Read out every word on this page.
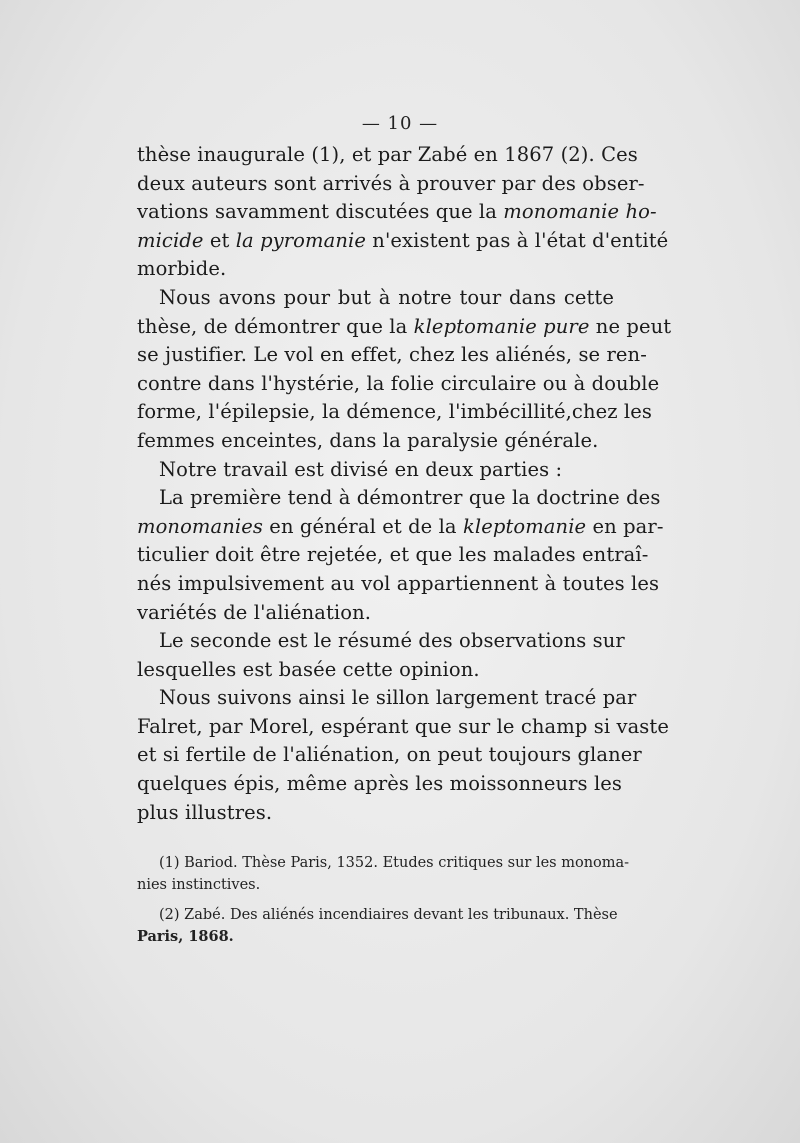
— 10 —
thèse inaugurale (1), et par Zabé en 1867 (2). Ces
deux auteurs sont arrivés à prouver par des obser-
vations savamment discutées que la monomanie ho-
micide et la pyromanie n'existent pas à l'état d'entité
morbide.
Nous avons pour but à notre tour dans cette
thèse, de démontrer que la kleptomanie pure ne peut
se justifier. Le vol en effet, chez les aliénés, se ren-
contre dans l'hystérie, la folie circulaire ou à double
forme, l'épilepsie, la démence, l'imbécillité,chez les
femmes enceintes, dans la paralysie générale.
Notre travail est divisé en deux parties :
La première tend à démontrer que la doctrine des
monomanies en général et de la kleptomanie en par-
ticulier doit être rejetée, et que les malades entraî-
nés impulsivement au vol appartiennent à toutes les
variétés de l'aliénation.
Le seconde est le résumé des observations sur
lesquelles est basée cette opinion.
Nous suivons ainsi le sillon largement tracé par
Falret, par Morel, espérant que sur le champ si vaste
et si fertile de l'aliénation, on peut toujours glaner
quelques épis, même après les moissonneurs les
plus illustres.
(1) Bariod. Thèse Paris, 1352. Etudes critiques sur les monoma-
nies instinctives.
(2) Zabé. Des aliénés incendiaires devant les tribunaux. Thèse
Paris, 1868.
